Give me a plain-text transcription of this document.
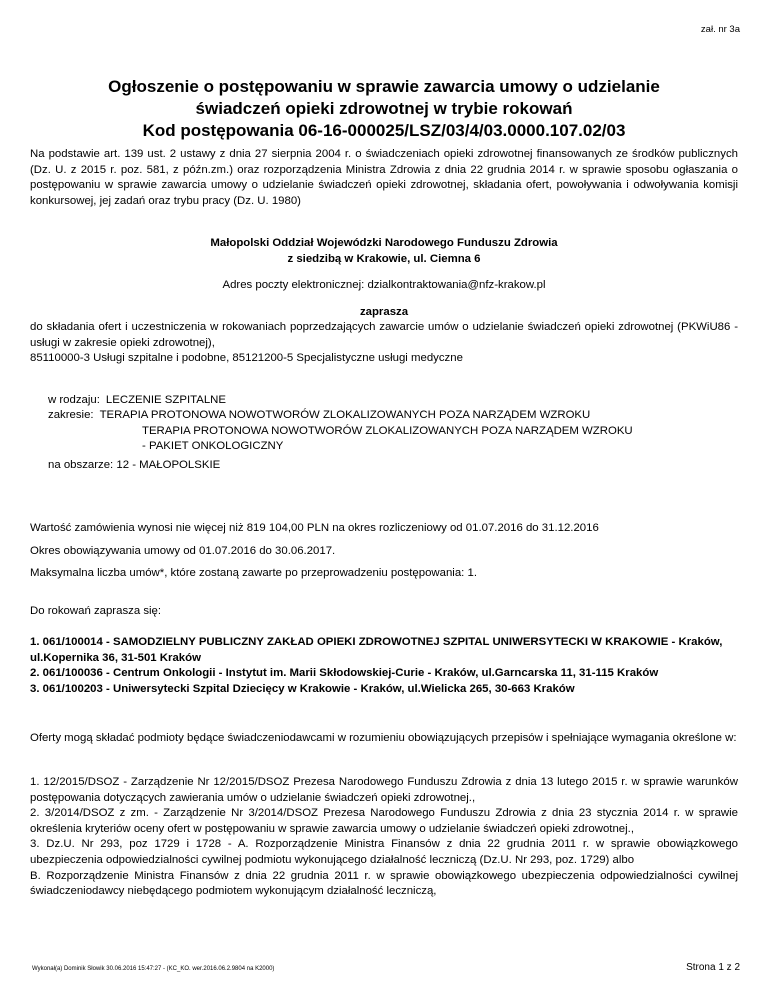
zał. nr 3a
Ogłoszenie o postępowaniu w sprawie zawarcia umowy o udzielanie
świadczeń opieki zdrowotnej w trybie rokowań
Kod postępowania 06-16-000025/LSZ/03/4/03.0000.107.02/03
Na podstawie art. 139 ust. 2 ustawy z dnia 27 sierpnia 2004 r. o świadczeniach opieki zdrowotnej finansowanych ze środków publicznych (Dz. U. z 2015 r. poz. 581, z późn.zm.) oraz rozporządzenia Ministra Zdrowia z dnia 22 grudnia 2014 r. w sprawie sposobu ogłaszania o postępowaniu w sprawie zawarcia umowy o udzielanie świadczeń opieki zdrowotnej, składania ofert, powoływania i odwoływania komisji konkursowej, jej zadań oraz trybu pracy (Dz. U. 1980)
Małopolski Oddział Wojewódzki Narodowego Funduszu Zdrowia
z siedzibą w Krakowie, ul. Ciemna 6
Adres poczty elektronicznej: dzialkontraktowania@nfz-krakow.pl
zaprasza
do składania ofert i uczestniczenia w rokowaniach poprzedzających zawarcie umów o udzielanie świadczeń opieki zdrowotnej (PKWiU86 - usługi w zakresie opieki zdrowotnej),
85110000-3 Usługi szpitalne i podobne, 85121200-5 Specjalistyczne usługi medyczne
w rodzaju: LECZENIE SZPITALNE
zakresie: TERAPIA PROTONOWA NOWOTWORÓW ZLOKALIZOWANYCH POZA NARZĄDEM WZROKU
TERAPIA PROTONOWA NOWOTWORÓW ZLOKALIZOWANYCH POZA NARZĄDEM WZROKU
- PAKIET ONKOLOGICZNY
na obszarze: 12 - MAŁOPOLSKIE
Wartość zamówienia wynosi nie więcej niż 819 104,00 PLN na okres rozliczeniowy od 01.07.2016 do 31.12.2016
Okres obowiązywania umowy od 01.07.2016 do 30.06.2017.
Maksymalna liczba umów*, które zostaną zawarte po przeprowadzeniu postępowania: 1.
Do rokowań zaprasza się:
1. 061/100014 - SAMODZIELNY PUBLICZNY ZAKŁAD OPIEKI ZDROWOTNEJ SZPITAL UNIWERSYTECKI W KRAKOWIE - Kraków, ul.Kopernika 36, 31-501 Kraków
2. 061/100036 - Centrum Onkologii - Instytut im. Marii Skłodowskiej-Curie - Kraków, ul.Garncarska 11, 31-115 Kraków
3. 061/100203 - Uniwersytecki Szpital Dziecięcy w Krakowie - Kraków, ul.Wielicka 265, 30-663 Kraków
Oferty mogą składać podmioty będące świadczeniodawcami w rozumieniu obowiązujących przepisów i spełniające wymagania określone w:
1. 12/2015/DSOZ - Zarządzenie Nr 12/2015/DSOZ Prezesa Narodowego Funduszu Zdrowia z dnia 13 lutego 2015 r. w sprawie warunków postępowania dotyczących zawierania umów o udzielanie świadczeń opieki zdrowotnej.,
2. 3/2014/DSOZ z zm. - Zarządzenie Nr 3/2014/DSOZ Prezesa Narodowego Funduszu Zdrowia z dnia 23 stycznia 2014 r. w sprawie określenia kryteriów oceny ofert w postępowaniu w sprawie zawarcia umowy o udzielanie świadczeń opieki zdrowotnej.,
3. Dz.U. Nr 293, poz 1729 i 1728 - A. Rozporządzenie Ministra Finansów z dnia 22 grudnia 2011 r. w sprawie obowiązkowego ubezpieczenia odpowiedzialności cywilnej podmiotu wykonującego działalność leczniczą (Dz.U. Nr 293, poz. 1729) albo
B. Rozporządzenie Ministra Finansów z dnia 22 grudnia 2011 r. w sprawie obowiązkowego ubezpieczenia odpowiedzialności cywilnej świadczeniodawcy niebędącego podmiotem wykonującym działalność leczniczą,
Wykonał(a) Dominik Słowik 30.06.2016 15:47:27 - (KC_KO. wer.2016.06.2.9804 na K2000)	Strona 1 z 2
